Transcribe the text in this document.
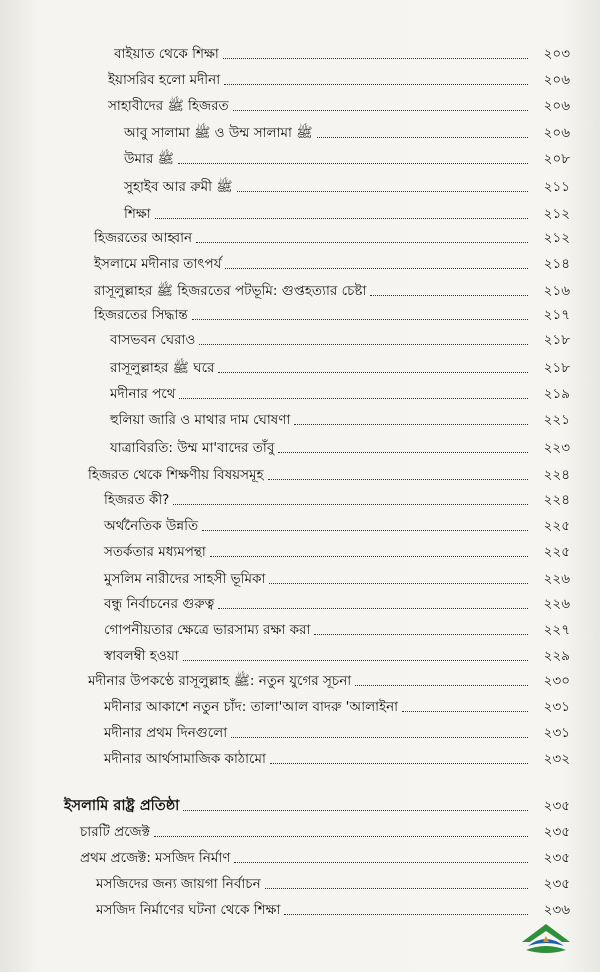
বাইয়াত থেকে শিক্ষা	২০৩
ইয়াসরিব হলো মদীনা	২০৬
সাহাবীদের ﷺ হিজরত	২০৬
আবু সালামা ﷺ ও উম্ম সালামা ﷺ	২০৬
উমার ﷺ	২০৮
সুহাইব আর রুমী ﷺ	২১১
শিক্ষা	২১২
হিজরতের আহ্বান	২১২
ইসলামে মদীনার তাৎপর্য	২১৪
রাসূলুল্লাহর ﷺ হিজরতের পটভূমি: গুপ্তহত্যার চেষ্টা	২১৬
হিজরতের সিদ্ধান্ত	২১৭
বাসভবন ঘেরাও	২১৮
রাসূলুল্লাহর ﷺ ঘরে	২১৮
মদীনার পথে	২১৯
হুলিয়া জারি ও মাথার দাম ঘোষণা	২২১
যাত্রাবিরতি: উম্ম মা'বাদের তাঁবু	২২৩
হিজরত থেকে শিক্ষণীয় বিষয়সমূহ	২২৪
হিজরত কী?	২২৪
অর্থনৈতিক উন্নতি	২২৫
সতর্কতার মধ্যমপন্থা	২২৫
মুসলিম নারীদের সাহসী ভূমিকা	২২৬
বন্ধু নির্বাচনের গুরুত্ব	২২৬
গোপনীয়তার ক্ষেত্রে ভারসাম্য রক্ষা করা	২২৭
স্বাবলম্বী হওয়া	২২৯
মদীনার উপকণ্ঠে রাসূলুল্লাহ ﷺ: নতুন যুগের সূচনা	২৩০
মদীনার আকাশে নতুন চাঁদ: তালা'আল বাদরু 'আলাইনা	২৩১
মদীনার প্রথম দিনগুলো	২৩১
মদীনার আর্থসামাজিক কাঠামো	২৩২
ইসলামি রাষ্ট্র প্রতিষ্ঠা	২৩৫
চারটি প্রজেক্ট	২৩৫
প্রথম প্রজেক্ট: মসজিদ নির্মাণ	২৩৫
মসজিদের জন্য জায়গা নির্বাচন	২৩৫
মসজিদ নির্মাণের ঘটনা থেকে শিক্ষা	২৩৬
